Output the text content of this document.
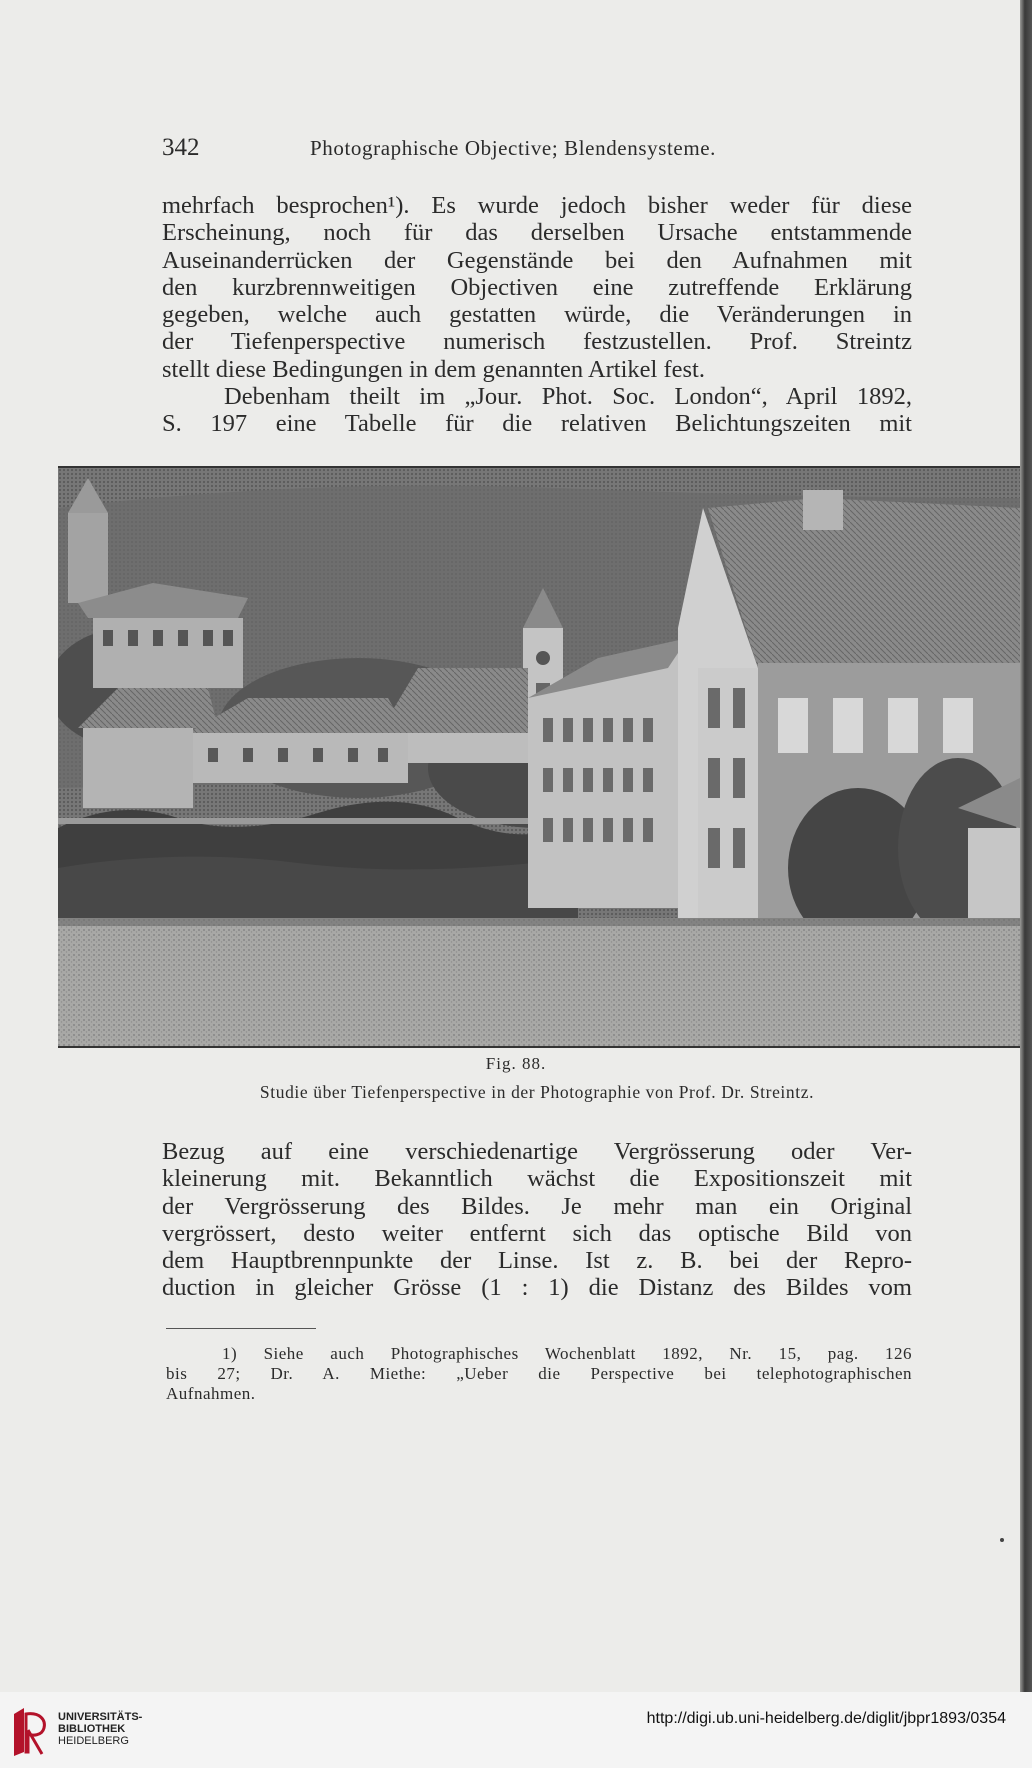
342	Photographische Objective; Blendensysteme.
mehrfach besprochen¹). Es wurde jedoch bisher weder für diese
Erscheinung, noch für das derselben Ursache entstammende
Auseinanderrücken der Gegenstände bei den Aufnahmen mit
den kurzbrennweitigen Objectiven eine zutreffende Erklärung
gegeben, welche auch gestatten würde, die Veränderungen in
der Tiefenperspective numerisch festzustellen. Prof. Streintz
stellt diese Bedingungen in dem genannten Artikel fest.
Debenham theilt im „Jour. Phot. Soc. London“, April 1892,
S. 197 eine Tabelle für die relativen Belichtungszeiten mit
Fig. 88.
Studie über Tiefenperspective in der Photographie von Prof. Dr. Streintz.
Bezug auf eine verschiedenartige Vergrösserung oder Ver-
kleinerung mit. Bekanntlich wächst die Expositionszeit mit
der Vergrösserung des Bildes. Je mehr man ein Original
vergrössert, desto weiter entfernt sich das optische Bild von
dem Hauptbrennpunkte der Linse. Ist z. B. bei der Repro-
duction in gleicher Grösse (1 : 1) die Distanz des Bildes vom
1) Siehe auch Photographisches Wochenblatt 1892, Nr. 15, pag. 126
bis 27; Dr. A. Miethe: „Ueber die Perspective bei telephotographischen
Aufnahmen.
UNIVERSITÄTS-
BIBLIOTHEK
HEIDELBERG
http://digi.ub.uni-heidelberg.de/diglit/jbpr1893/0354
